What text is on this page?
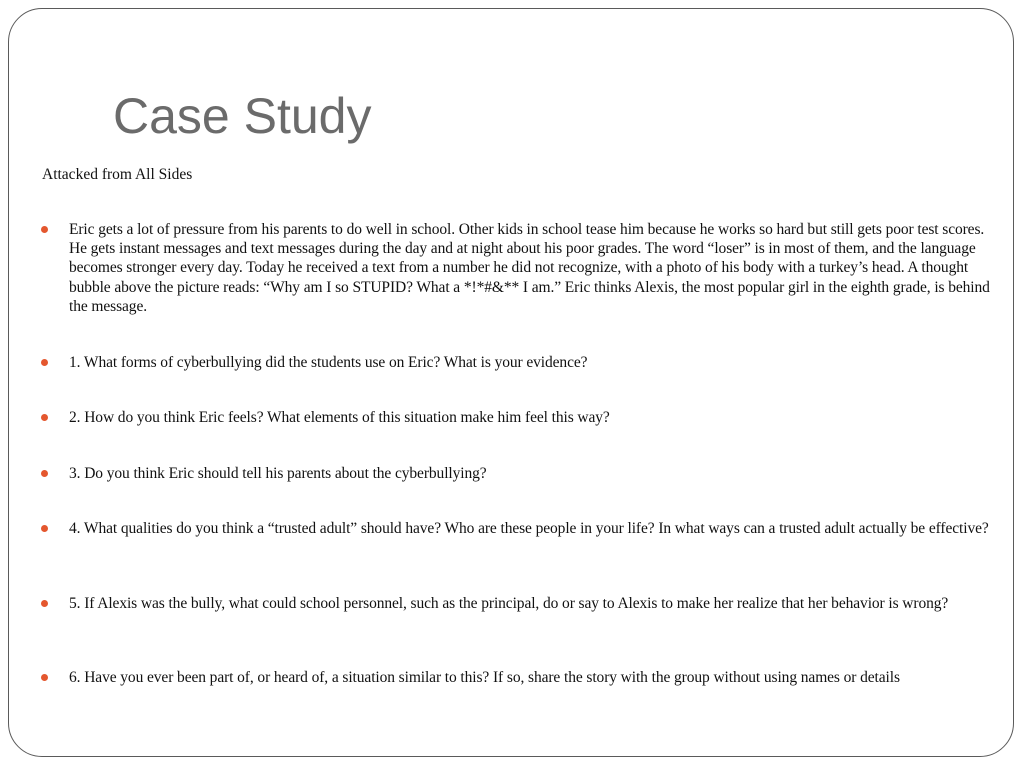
Case Study

Attacked from All Sides

Eric gets a lot of pressure from his parents to do well in school. Other kids in school tease him because he works so hard but still gets poor test scores. He gets instant messages and text messages during the day and at night about his poor grades. The word “loser” is in most of them, and the language becomes stronger every day. Today he received a text from a number he did not recognize, with a photo of his body with a turkey’s head. A thought bubble above the picture reads: “Why am I so STUPID? What a *!*#&** I am.” Eric thinks Alexis, the most popular girl in the eighth grade, is behind the message.

1. What forms of cyberbullying did the students use on Eric? What is your evidence?

2. How do you think Eric feels? What elements of this situation make him feel this way?

3. Do you think Eric should tell his parents about the cyberbullying?

4. What qualities do you think a “trusted adult” should have? Who are these people in your life? In what ways can a trusted adult actually be effective?

5. If Alexis was the bully, what could school personnel, such as the principal, do or say to Alexis to make her realize that her behavior is wrong?

6. Have you ever been part of, or heard of, a situation similar to this? If so, share the story with the group without using names or details
